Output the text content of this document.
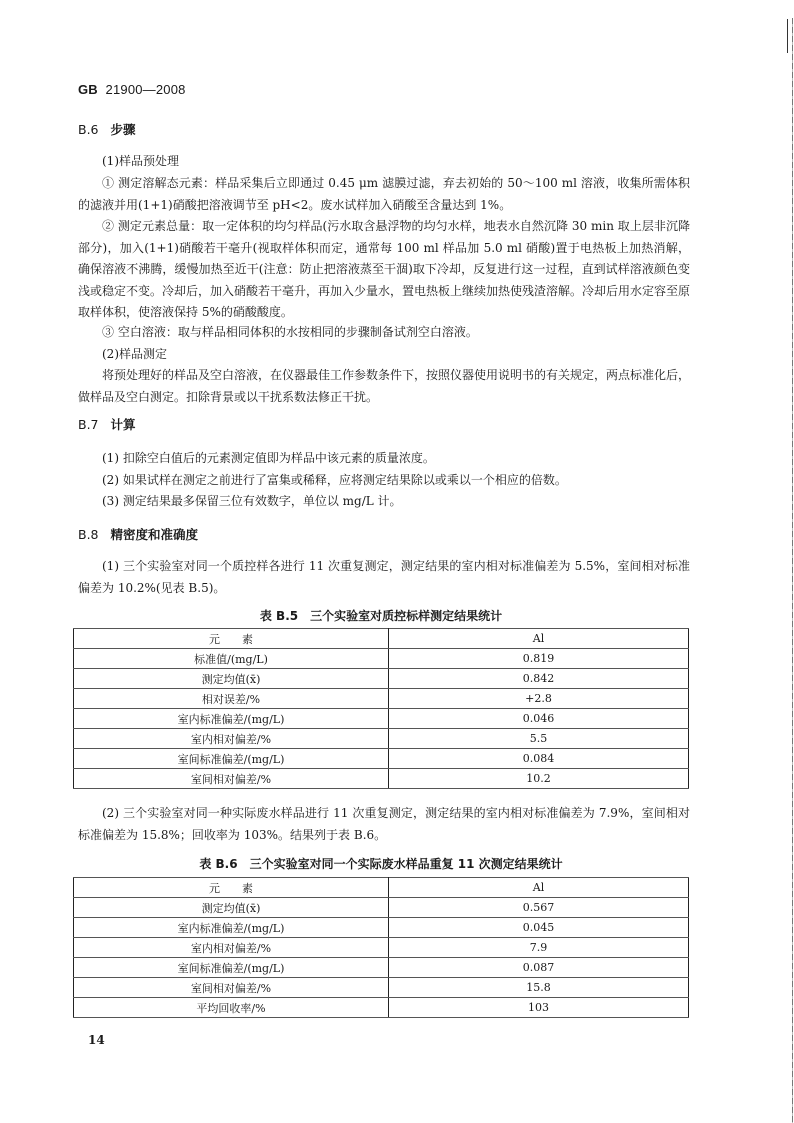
GB 21900—2008
B.6 步骤
(1)样品预处理
① 测定溶解态元素：样品采集后立即通过 0.45 μm 滤膜过滤，弃去初始的 50～100 ml 溶液，收集所需体积的滤液并用(1+1)硝酸把溶液调节至 pH<2。废水试样加入硝酸至含量达到 1%。
② 测定元素总量：取一定体积的均匀样品(污水取含悬浮物的均匀水样，地表水自然沉降 30 min 取上层非沉降部分)，加入(1+1)硝酸若干毫升(视取样体积而定，通常每 100 ml 样品加 5.0 ml 硝酸)置于电热板上加热消解，确保溶液不沸腾，缓慢加热至近干(注意：防止把溶液蒸至干涸)取下冷却，反复进行这一过程，直到试样溶液颜色变浅或稳定不变。冷却后，加入硝酸若干毫升，再加入少量水，置电热板上继续加热使残渣溶解。冷却后用水定容至原取样体积，使溶液保持 5%的硝酸酸度。
③ 空白溶液：取与样品相同体积的水按相同的步骤制备试剂空白溶液。
(2)样品测定
将预处理好的样品及空白溶液，在仪器最佳工作参数条件下，按照仪器使用说明书的有关规定，两点标准化后，做样品及空白测定。扣除背景或以干扰系数法修正干扰。
B.7 计算
(1) 扣除空白值后的元素测定值即为样品中该元素的质量浓度。
(2) 如果试样在测定之前进行了富集或稀释，应将测定结果除以或乘以一个相应的倍数。
(3) 测定结果最多保留三位有效数字，单位以 mg/L 计。
B.8 精密度和准确度
(1) 三个实验室对同一个质控样各进行 11 次重复测定，测定结果的室内相对标准偏差为 5.5%，室间相对标准偏差为 10.2%(见表 B.5)。
表 B.5　三个实验室对质控标样测定结果统计
元　　素	Al
标准值/(mg/L)	0.819
测定均值(x̄)	0.842
相对误差/%	+2.8
室内标准偏差/(mg/L)	0.046
室内相对偏差/%	5.5
室间标准偏差/(mg/L)	0.084
室间相对偏差/%	10.2
(2) 三个实验室对同一种实际废水样品进行 11 次重复测定，测定结果的室内相对标准偏差为 7.9%，室间相对标准偏差为 15.8%；回收率为 103%。结果列于表 B.6。
表 B.6　三个实验室对同一个实际废水样品重复 11 次测定结果统计
元　　素	Al
测定均值(x̄)	0.567
室内标准偏差/(mg/L)	0.045
室内相对偏差/%	7.9
室间标准偏差/(mg/L)	0.087
室间相对偏差/%	15.8
平均回收率/%	103
14
